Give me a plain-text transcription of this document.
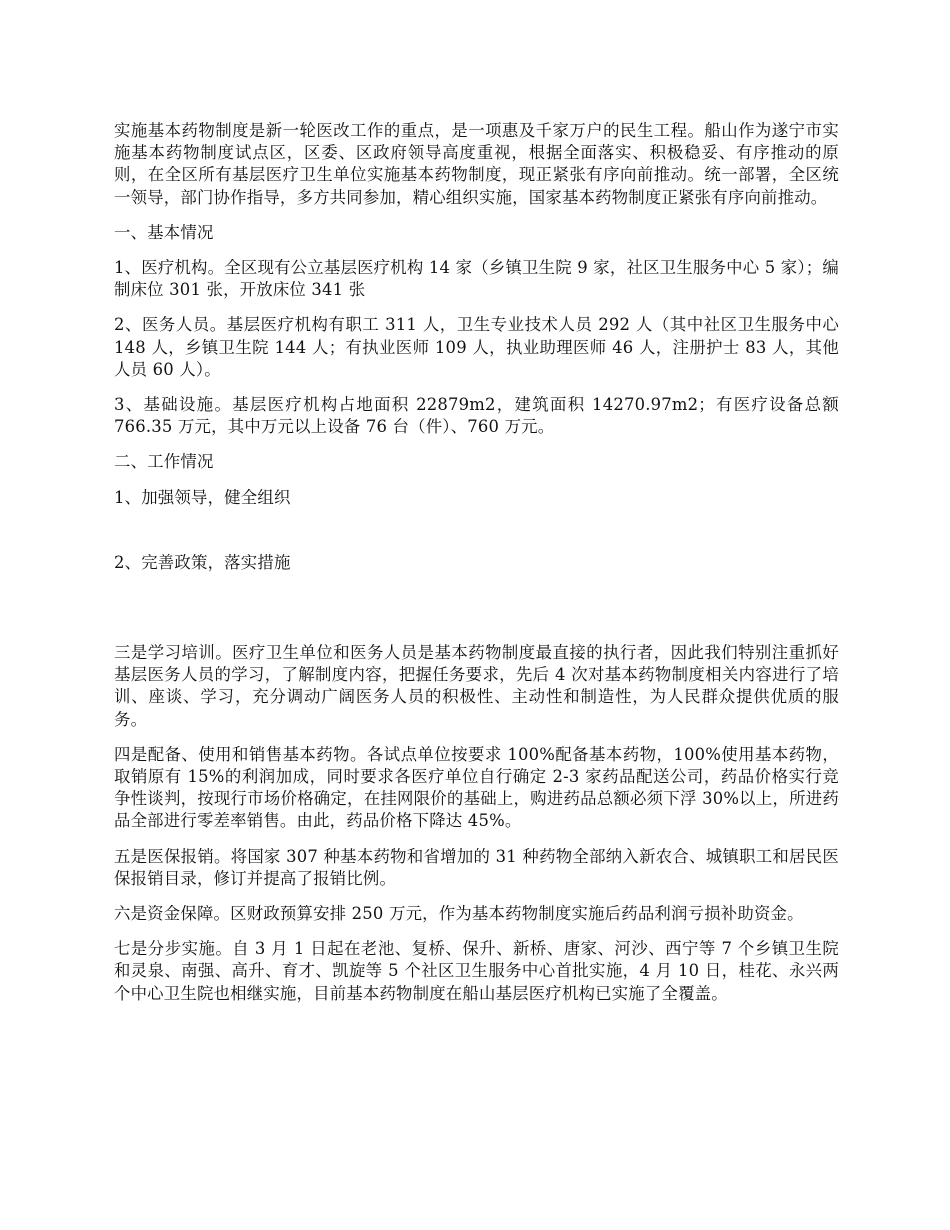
实施基本药物制度是新一轮医改工作的重点，是一项惠及千家万户的民生工程。船山作为遂宁市实施基本药物制度试点区，区委、区政府领导高度重视，根据全面落实、积极稳妥、有序推动的原则，在全区所有基层医疗卫生单位实施基本药物制度，现正紧张有序向前推动。统一部署，全区统一领导，部门协作指导，多方共同参加，精心组织实施，国家基本药物制度正紧张有序向前推动。

一、基本情况

1、医疗机构。全区现有公立基层医疗机构 14 家（乡镇卫生院 9 家，社区卫生服务中心 5 家）；编制床位 301 张，开放床位 341 张

2、医务人员。基层医疗机构有职工 311 人，卫生专业技术人员 292 人（其中社区卫生服务中心 148 人，乡镇卫生院 144 人；有执业医师 109 人，执业助理医师 46 人，注册护士 83 人，其他人员 60 人）。

3、基础设施。基层医疗机构占地面积 22879m2，建筑面积 14270.97m2；有医疗设备总额 766.35 万元，其中万元以上设备 76 台（件）、760 万元。

二、工作情况

1、加强领导，健全组织

2、完善政策，落实措施

三是学习培训。医疗卫生单位和医务人员是基本药物制度最直接的执行者，因此我们特别注重抓好基层医务人员的学习，了解制度内容，把握任务要求，先后 4 次对基本药物制度相关内容进行了培训、座谈、学习，充分调动广阔医务人员的积极性、主动性和制造性，为人民群众提供优质的服务。

四是配备、使用和销售基本药物。各试点单位按要求 100%配备基本药物，100%使用基本药物，取销原有 15%的利润加成，同时要求各医疗单位自行确定 2-3 家药品配送公司，药品价格实行竞争性谈判，按现行市场价格确定，在挂网限价的基础上，购进药品总额必须下浮 30%以上，所进药品全部进行零差率销售。由此，药品价格下降达 45%。

五是医保报销。将国家 307 种基本药物和省增加的 31 种药物全部纳入新农合、城镇职工和居民医保报销目录，修订并提高了报销比例。

六是资金保障。区财政预算安排 250 万元，作为基本药物制度实施后药品利润亏损补助资金。

七是分步实施。自 3 月 1 日起在老池、复桥、保升、新桥、唐家、河沙、西宁等 7 个乡镇卫生院和灵泉、南强、高升、育才、凯旋等 5 个社区卫生服务中心首批实施，4 月 10 日，桂花、永兴两个中心卫生院也相继实施，目前基本药物制度在船山基层医疗机构已实施了全覆盖。
